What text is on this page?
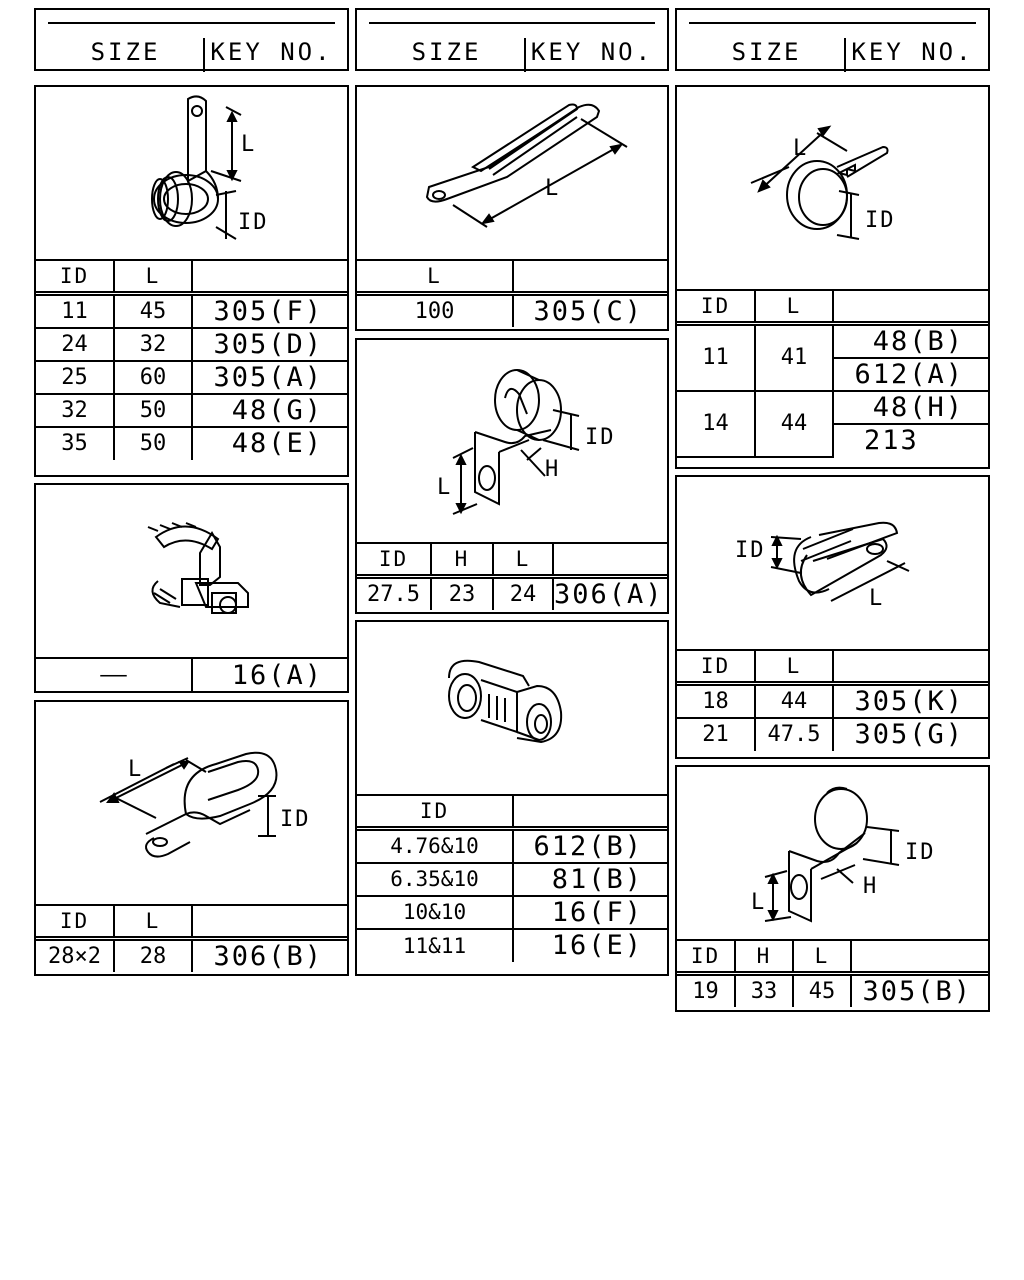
SIZE	KEY NO.	SIZE	KEY NO.	SIZE	KEY NO.
L
ID
ID	L	
11	45	305(F)
24	32	305(D)
25	60	305(A)
32	50	48(G)
35	50	48(E)
——	16(A)
L
ID
ID	L	
28×2	28	306(B)
L
L	
100	305(C)
ID
H
L
ID	H	L	
27.5	23	24	306(A)
ID	
4.76&10	612(B)
6.35&10	81(B)
10&10	16(F)
11&11	16(E)
L
ID
ID	L	
11	41	48(B)
		612(A)
14	44	48(H)
		213
ID
L
ID	L	
18	44	305(K)
21	47.5	305(G)
ID
H
L
ID	H	L	
19	33	45	305(B)
